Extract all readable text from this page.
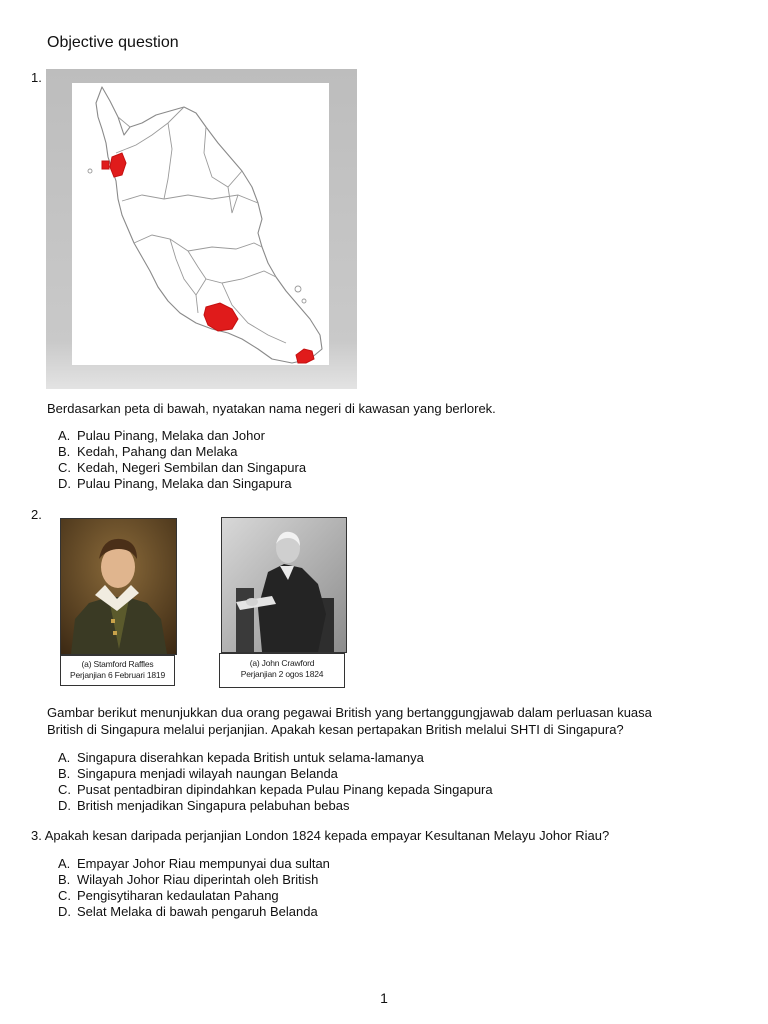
Objective question
1.
Berdasarkan peta di bawah, nyatakan nama negeri di kawasan yang berlorek.
A. Pulau Pinang, Melaka dan Johor
B. Kedah, Pahang dan Melaka
C. Kedah, Negeri Sembilan dan Singapura
D. Pulau Pinang, Melaka dan Singapura
2.
(a) Stamford Raffles
Perjanjian 6 Februari 1819
(a) John Crawford
Perjanjian 2 ogos 1824
Gambar berikut menunjukkan dua orang pegawai British yang bertanggungjawab dalam perluasan kuasa
British di Singapura melalui perjanjian. Apakah kesan pertapakan British melalui SHTI di Singapura?
A. Singapura diserahkan kepada British untuk selama-lamanya
B. Singapura menjadi wilayah naungan Belanda
C. Pusat pentadbiran dipindahkan kepada Pulau Pinang kepada Singapura
D. British menjadikan Singapura pelabuhan bebas
3. Apakah kesan daripada perjanjian London 1824 kepada empayar Kesultanan Melayu Johor Riau?
A. Empayar Johor Riau mempunyai dua sultan
B. Wilayah Johor Riau diperintah oleh British
C. Pengisytiharan kedaulatan Pahang
D. Selat Melaka di bawah pengaruh Belanda
1
